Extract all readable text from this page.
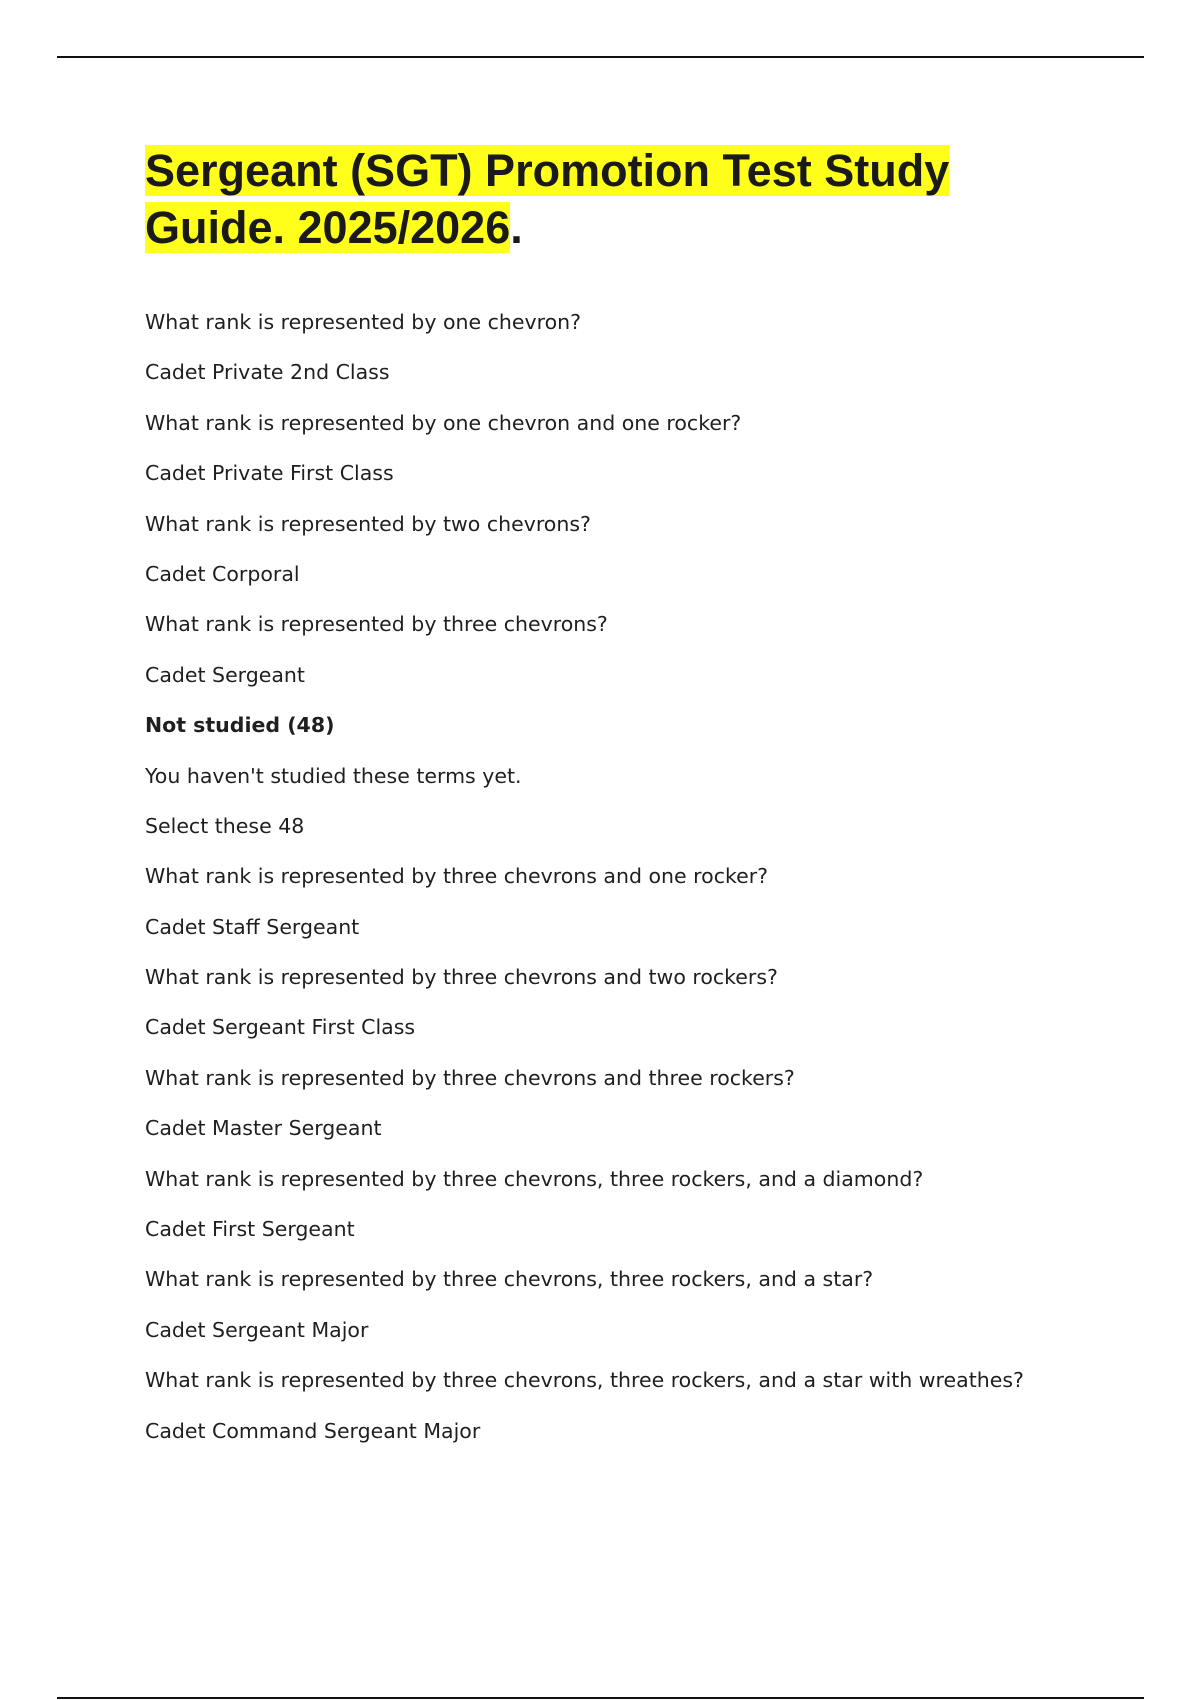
Sergeant (SGT) Promotion Test Study Guide. 2025/2026.
What rank is represented by one chevron?
Cadet Private 2nd Class
What rank is represented by one chevron and one rocker?
Cadet Private First Class
What rank is represented by two chevrons?
Cadet Corporal
What rank is represented by three chevrons?
Cadet Sergeant
Not studied (48)
You haven't studied these terms yet.
Select these 48
What rank is represented by three chevrons and one rocker?
Cadet Staff Sergeant
What rank is represented by three chevrons and two rockers?
Cadet Sergeant First Class
What rank is represented by three chevrons and three rockers?
Cadet Master Sergeant
What rank is represented by three chevrons, three rockers, and a diamond?
Cadet First Sergeant
What rank is represented by three chevrons, three rockers, and a star?
Cadet Sergeant Major
What rank is represented by three chevrons, three rockers, and a star with wreathes?
Cadet Command Sergeant Major
